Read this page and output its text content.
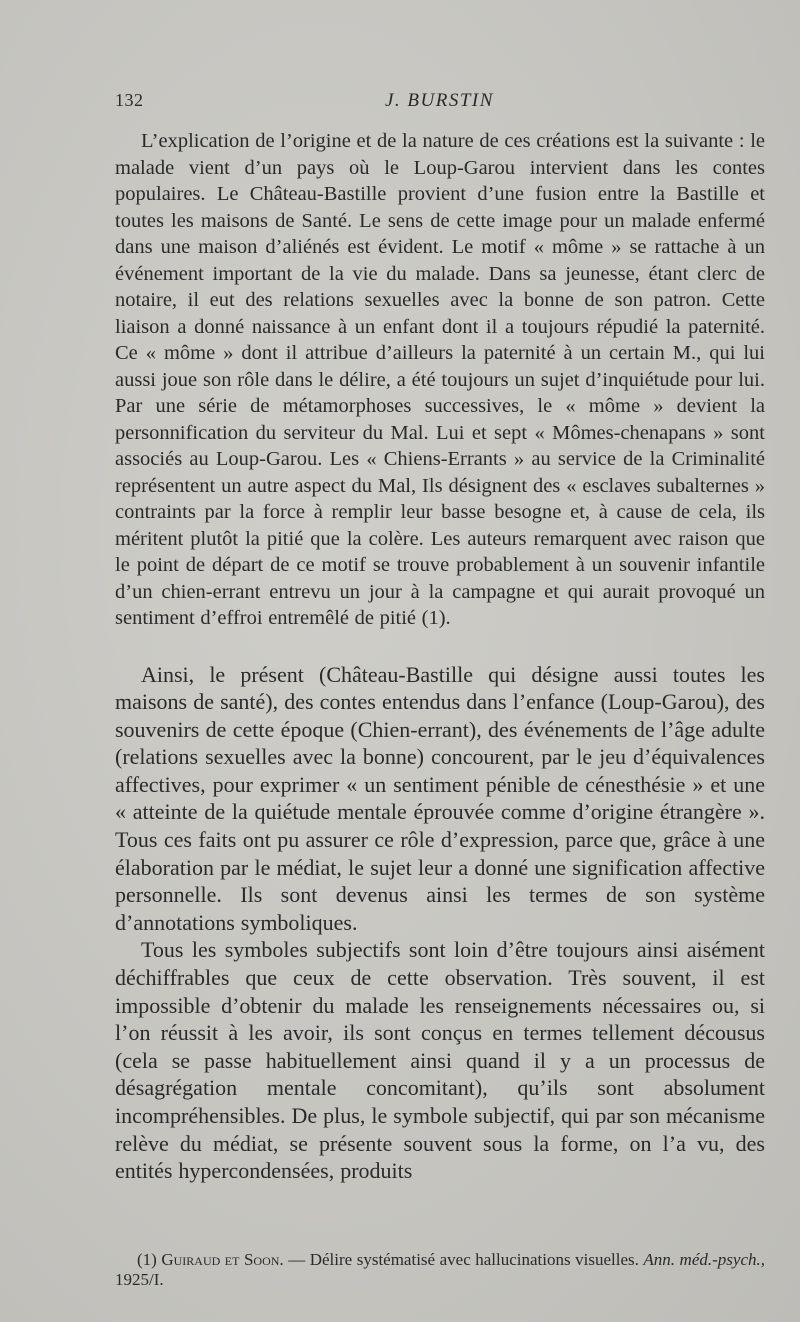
132	J. BURSTIN

L’explication de l’origine et de la nature de ces créations est la suivante : le malade vient d’un pays où le Loup-Garou intervient dans les contes populaires. Le Château-Bastille provient d’une fusion entre la Bastille et toutes les maisons de Santé. Le sens de cette image pour un malade enfermé dans une maison d’aliénés est évident. Le motif « môme » se rattache à un événement important de la vie du malade. Dans sa jeunesse, étant clerc de notaire, il eut des relations sexuelles avec la bonne de son patron. Cette liaison a donné naissance à un enfant dont il a toujours répudié la paternité. Ce « môme » dont il attribue d’ailleurs la paternité à un certain M., qui lui aussi joue son rôle dans le délire, a été toujours un sujet d’inquiétude pour lui. Par une série de métamorphoses successives, le « môme » devient la personnification du serviteur du Mal. Lui et sept « Mômes-chenapans » sont associés au Loup-Garou. Les « Chiens-Errants » au service de la Criminalité représentent un autre aspect du Mal, Ils désignent des « esclaves subalternes » contraints par la force à remplir leur basse besogne et, à cause de cela, ils méritent plutôt la pitié que la colère. Les auteurs remarquent avec raison que le point de départ de ce motif se trouve probablement à un souvenir infantile d’un chien-errant entrevu un jour à la campagne et qui aurait provoqué un sentiment d’effroi entremêlé de pitié (1).

Ainsi, le présent (Château-Bastille qui désigne aussi toutes les maisons de santé), des contes entendus dans l’enfance (Loup-Garou), des souvenirs de cette époque (Chien-errant), des événements de l’âge adulte (relations sexuelles avec la bonne) concourent, par le jeu d’équivalences affectives, pour exprimer « un sentiment pénible de cénesthésie » et une « atteinte de la quiétude mentale éprouvée comme d’origine étrangère ». Tous ces faits ont pu assurer ce rôle d’expression, parce que, grâce à une élaboration par le médiat, le sujet leur a donné une signification affective personnelle. Ils sont devenus ainsi les termes de son système d’annotations symboliques.

Tous les symboles subjectifs sont loin d’être toujours ainsi aisément déchiffrables que ceux de cette observation. Très souvent, il est impossible d’obtenir du malade les renseignements nécessaires ou, si l’on réussit à les avoir, ils sont conçus en termes tellement décousus (cela se passe habituellement ainsi quand il y a un processus de désagrégation mentale concomitant), qu’ils sont absolument incompréhensibles. De plus, le symbole subjectif, qui par son mécanisme relève du médiat, se présente souvent sous la forme, on l’a vu, des entités hypercondensées, produits

(1) Guiraud et Soon. — Délire systématisé avec hallucinations visuelles. Ann. méd.-psych., 1925/I.
